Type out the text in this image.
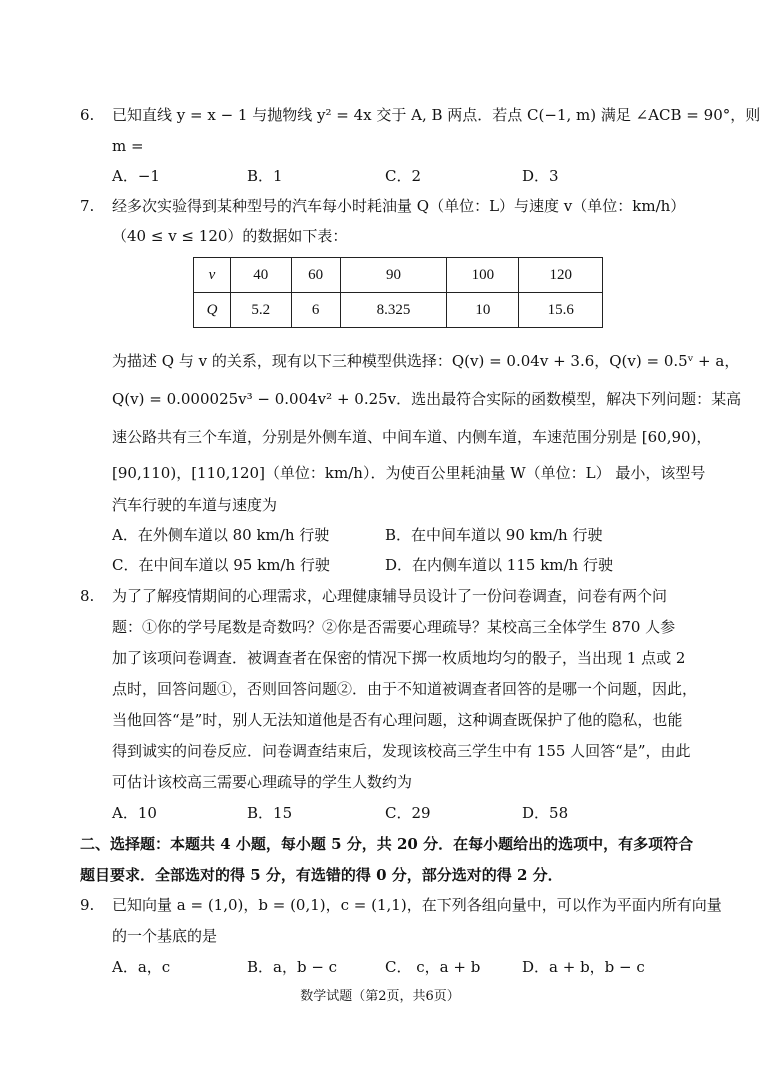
6. 已知直线 y = x − 1 与抛物线 y² = 4x 交于 A, B 两点．若点 C(−1, m) 满足 ∠ACB = 90°，则
m =
A．−1	B．1	C．2	D．3
7. 经多次实验得到某种型号的汽车每小时耗油量 Q（单位：L）与速度 v（单位：km/h）
（40 ≤ v ≤ 120）的数据如下表：
v	40	60	90	100	120
Q	5.2	6	8.325	10	15.6
为描述 Q 与 v 的关系，现有以下三种模型供选择：Q(v) = 0.04v + 3.6，Q(v) = 0.5ᵛ + a，
Q(v) = 0.000025v³ − 0.004v² + 0.25v．选出最符合实际的函数模型，解决下列问题：某高
速公路共有三个车道，分别是外侧车道、中间车道、内侧车道，车速范围分别是 [60,90)，
[90,110)，[110,120]（单位：km/h）．为使百公里耗油量 W（单位：L） 最小，该型号
汽车行驶的车道与速度为
A．在外侧车道以 80 km/h 行驶	B．在中间车道以 90 km/h 行驶
C．在中间车道以 95 km/h 行驶	D．在内侧车道以 115 km/h 行驶
8. 为了了解疫情期间的心理需求，心理健康辅导员设计了一份问卷调查，问卷有两个问
题：①你的学号尾数是奇数吗？②你是否需要心理疏导？某校高三全体学生 870 人参
加了该项问卷调查．被调查者在保密的情况下掷一枚质地均匀的骰子，当出现 1 点或 2
点时，回答问题①，否则回答问题②．由于不知道被调查者回答的是哪一个问题，因此，
当他回答“是”时，别人无法知道他是否有心理问题，这种调查既保护了他的隐私，也能
得到诚实的问卷反应．问卷调查结束后，发现该校高三学生中有 155 人回答“是”，由此
可估计该校高三需要心理疏导的学生人数约为
A．10	B．15	C．29	D．58
二、选择题：本题共 4 小题，每小题 5 分，共 20 分．在每小题给出的选项中，有多项符合
题目要求．全部选对的得 5 分，有选错的得 0 分，部分选对的得 2 分．
9. 已知向量 a = (1,0)，b = (0,1)，c = (1,1)，在下列各组向量中，可以作为平面内所有向量
的一个基底的是
A．a，c	B．a，b − c	C． c，a + b	D．a + b，b − c
数学试题（第2页，共6页）
